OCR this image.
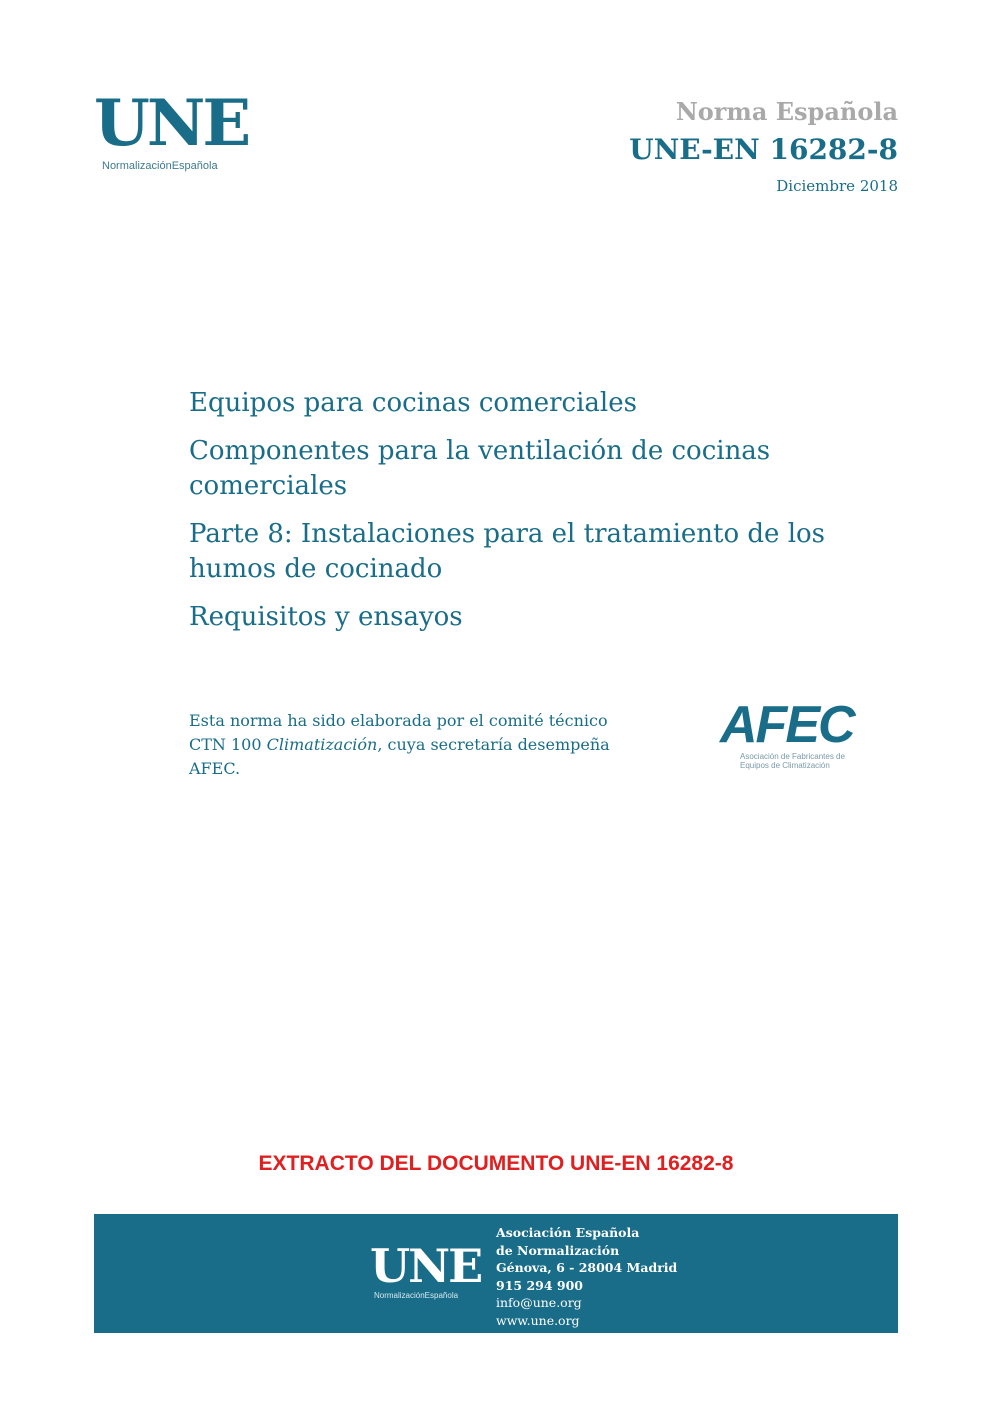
UNE
NormalizaciónEspañola
Norma Española
UNE-EN 16282-8
Diciembre 2018
Equipos para cocinas comerciales
Componentes para la ventilación de cocinas comerciales
Parte 8: Instalaciones para el tratamiento de los humos de cocinado
Requisitos y ensayos
Esta norma ha sido elaborada por el comité técnico CTN 100 Climatización, cuya secretaría desempeña AFEC.
AFEC
Asociación de Fabricantes de
Equipos de Climatización
EXTRACTO DEL DOCUMENTO UNE-EN 16282-8
UNE
NormalizaciónEspañola
Asociación Española
de Normalización
Génova, 6 - 28004 Madrid
915 294 900
info@une.org
www.une.org
